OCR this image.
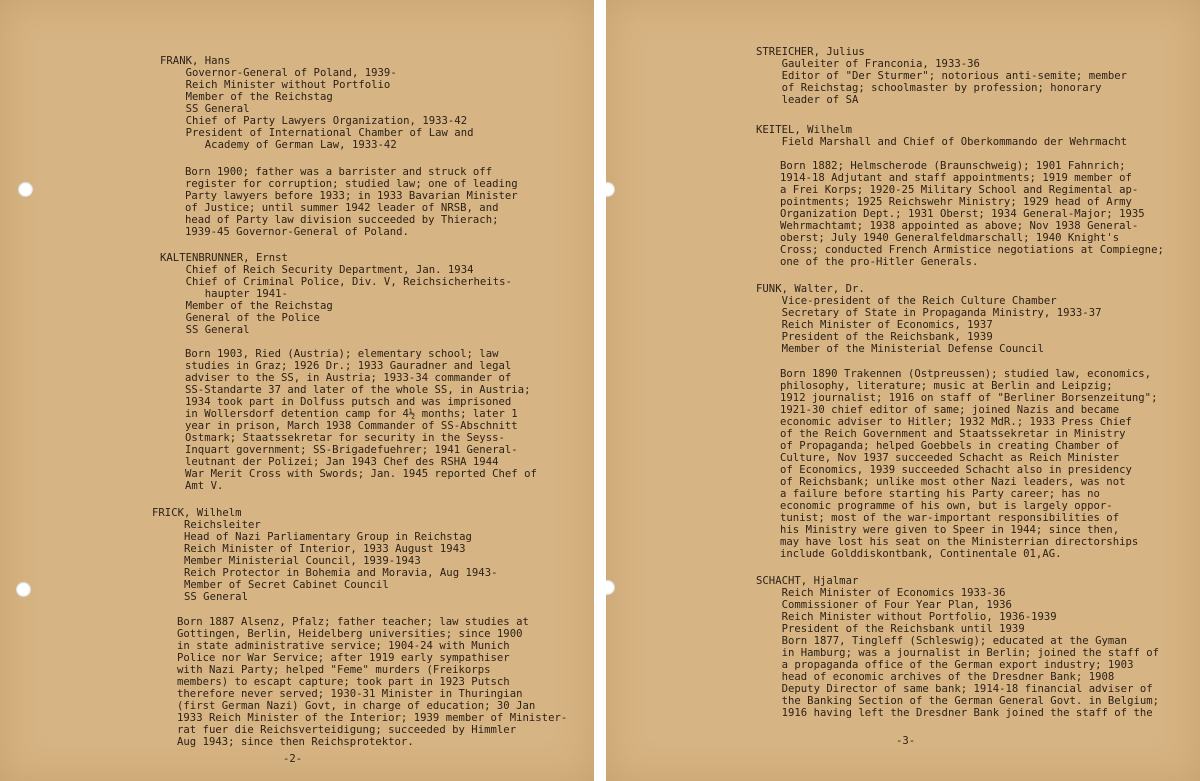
FRANK, Hans
Governor-General of Poland, 1939-
Reich Minister without Portfolio
Member of the Reichstag
SS General
Chief of Party Lawyers Organization, 1933-42
President of International Chamber of Law and
Academy of German Law, 1933-42
Born 1900; father was a barrister and struck off
register for corruption; studied law; one of leading
Party lawyers before 1933; in 1933 Bavarian Minister
of Justice; until summer 1942 leader of NRSB, and
head of Party law division succeeded by Thierach;
1939-45 Governor-General of Poland.
KALTENBRUNNER, Ernst
Chief of Reich Security Department, Jan. 1934
Chief of Criminal Police, Div. V, Reichsicherheits-
haupter 1941-
Member of the Reichstag
General of the Police
SS General
Born 1903, Ried (Austria); elementary school; law
studies in Graz; 1926 Dr.; 1933 Gauradner and legal
adviser to the SS, in Austria; 1933-34 commander of
SS-Standarte 37 and later of the whole SS, in Austria;
1934 took part in Dolfuss putsch and was imprisoned
in Wollersdorf detention camp for 4½ months; later 1
year in prison, March 1938 Commander of SS-Abschnitt
Ostmark; Staatssekretar for security in the Seyss-
Inquart government; SS-Brigadefuehrer; 1941 General-
leutnant der Polizei; Jan 1943 Chef des RSHA 1944
War Merit Cross with Swords; Jan. 1945 reported Chef of
Amt V.
FRICK, Wilhelm
Reichsleiter
Head of Nazi Parliamentary Group in Reichstag
Reich Minister of Interior, 1933 August 1943
Member Ministerial Council, 1939-1943
Reich Protector in Bohemia and Moravia, Aug 1943-
Member of Secret Cabinet Council
SS General
Born 1887 Alsenz, Pfalz; father teacher; law studies at
Gottingen, Berlin, Heidelberg universities; since 1900
in state administrative service; 1904-24 with Munich
Police nor War Service; after 1919 early sympathiser
with Nazi Party; helped "Feme" murders (Freikorps
members) to escapt capture; took part in 1923 Putsch
therefore never served; 1930-31 Minister in Thuringian
(first German Nazi) Govt, in charge of education; 30 Jan
1933 Reich Minister of the Interior; 1939 member of Minister-
rat fuer die Reichsverteidigung; succeeded by Himmler
Aug 1943; since then Reichsprotektor.
-2-
STREICHER, Julius
Gauleiter of Franconia, 1933-36
Editor of "Der Sturmer"; notorious anti-semite; member
of Reichstag; schoolmaster by profession; honorary
leader of SA
KEITEL, Wilhelm
Field Marshall and Chief of Oberkommando der Wehrmacht
Born 1882; Helmscherode (Braunschweig); 1901 Fahnrich;
1914-18 Adjutant and staff appointments; 1919 member of
a Frei Korps; 1920-25 Military School and Regimental ap-
pointments; 1925 Reichswehr Ministry; 1929 head of Army
Organization Dept.; 1931 Oberst; 1934 General-Major; 1935
Wehrmachtamt; 1938 appointed as above; Nov 1938 General-
oberst; July 1940 Generalfeldmarschall; 1940 Knight's
Cross; conducted French Armistice negotiations at Compiegne;
one of the pro-Hitler Generals.
FUNK, Walter, Dr.
Vice-president of the Reich Culture Chamber
Secretary of State in Propaganda Ministry, 1933-37
Reich Minister of Economics, 1937
President of the Reichsbank, 1939
Member of the Ministerial Defense Council
Born 1890 Trakennen (Ostpreussen); studied law, economics,
philosophy, literature; music at Berlin and Leipzig;
1912 journalist; 1916 on staff of "Berliner Borsenzeitung";
1921-30 chief editor of same; joined Nazis and became
economic adviser to Hitler; 1932 MdR.; 1933 Press Chief
of the Reich Government and Staatssekretar in Ministry
of Propaganda; helped Goebbels in creating Chamber of
Culture, Nov 1937 succeeded Schacht as Reich Minister
of Economics, 1939 succeeded Schacht also in presidency
of Reichsbank; unlike most other Nazi leaders, was not
a failure before starting his Party career; has no
economic programme of his own, but is largely oppor-
tunist; most of the war-important responsibilities of
his Ministry were given to Speer in 1944; since then,
may have lost his seat on the Ministerrian directorships
include Golddiskontbank, Continentale 01,AG.
SCHACHT, Hjalmar
Reich Minister of Economics 1933-36
Commissioner of Four Year Plan, 1936
Reich Minister without Portfolio, 1936-1939
President of the Reichsbank until 1939
Born 1877, Tingleff (Schleswig); educated at the Gyman
in Hamburg; was a journalist in Berlin; joined the staff of
a propaganda office of the German export industry; 1903
head of economic archives of the Dresdner Bank; 1908
Deputy Director of same bank; 1914-18 financial adviser of
the Banking Section of the German General Govt. in Belgium;
1916 having left the Dresdner Bank joined the staff of the
-3-
